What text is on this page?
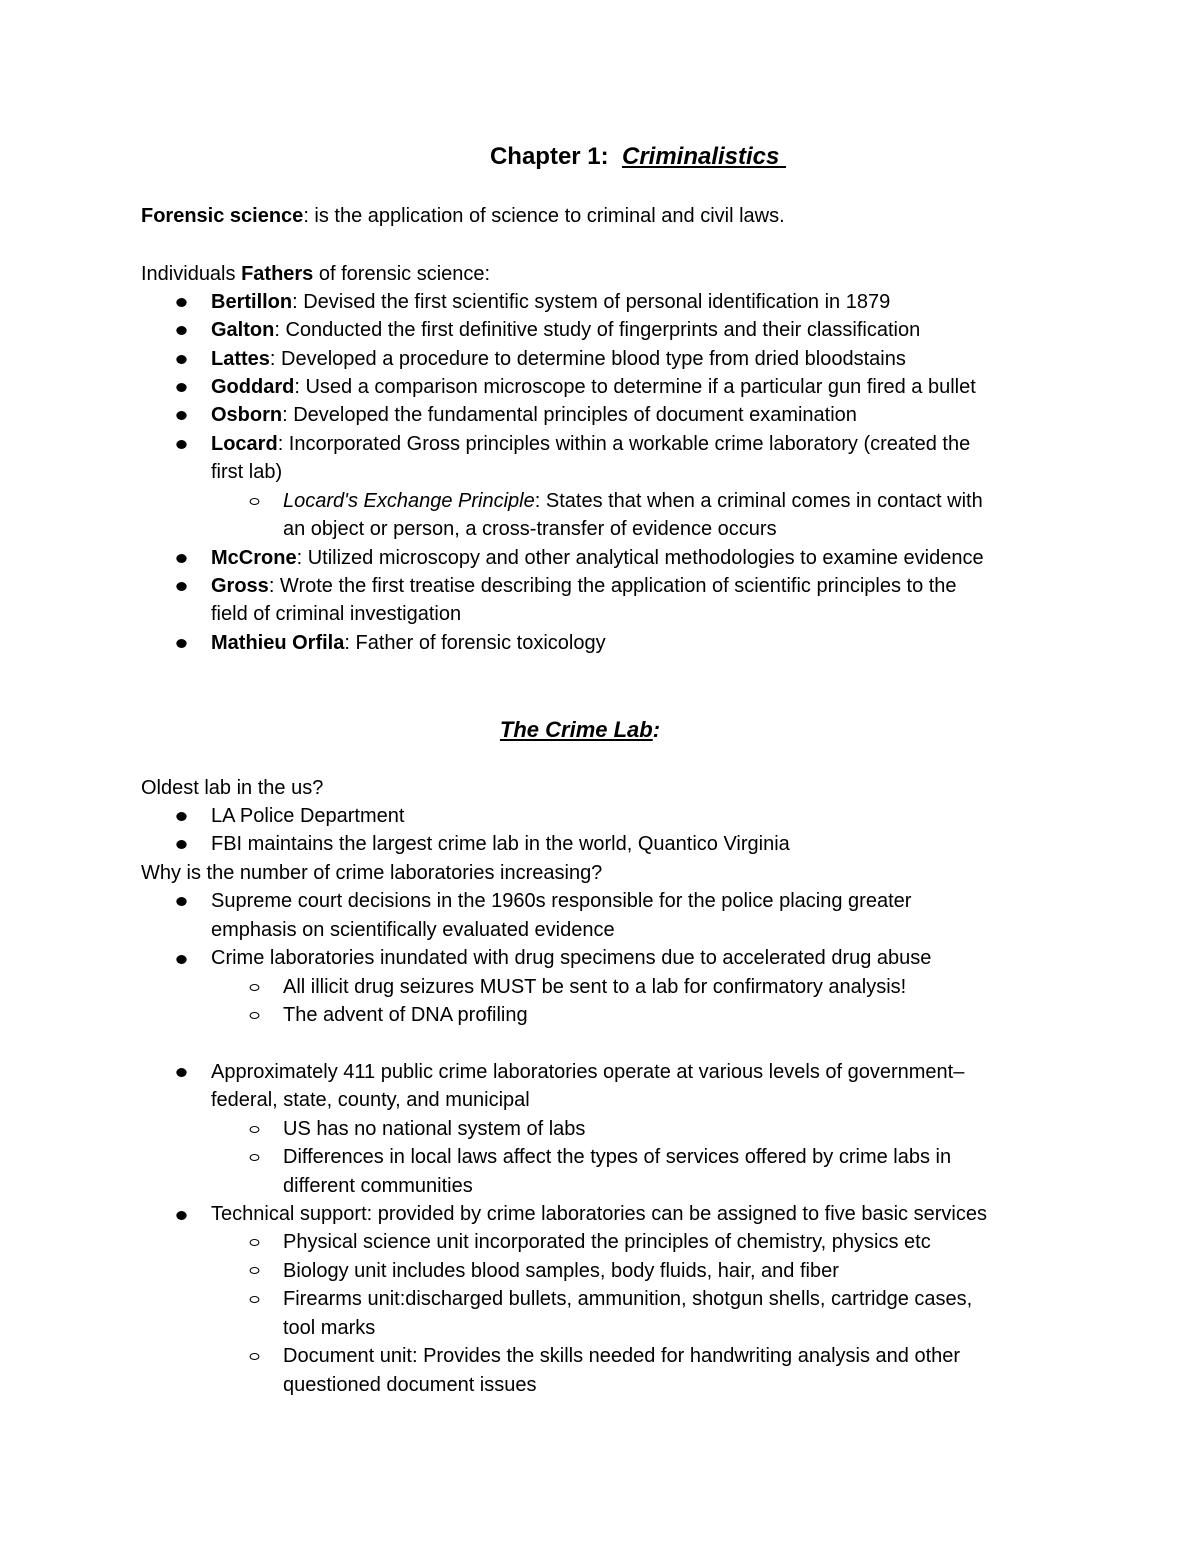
Chapter 1:  Criminalistics
Forensic science: is the application of science to criminal and civil laws.
Individuals Fathers of forensic science:
Bertillon: Devised the first scientific system of personal identification in 1879
Galton: Conducted the first definitive study of fingerprints and their classification
Lattes: Developed a procedure to determine blood type from dried bloodstains
Goddard: Used a comparison microscope to determine if a particular gun fired a bullet
Osborn: Developed the fundamental principles of document examination
Locard: Incorporated Gross principles within a workable crime laboratory (created the
first lab)
Locard's Exchange Principle: States that when a criminal comes in contact with
an object or person, a cross-transfer of evidence occurs
McCrone: Utilized microscopy and other analytical methodologies to examine evidence
Gross: Wrote the first treatise describing the application of scientific principles to the
field of criminal investigation
Mathieu Orfila: Father of forensic toxicology
The Crime Lab:
Oldest lab in the us?
LA Police Department
FBI maintains the largest crime lab in the world, Quantico Virginia
Why is the number of crime laboratories increasing?
Supreme court decisions in the 1960s responsible for the police placing greater
emphasis on scientifically evaluated evidence
Crime laboratories inundated with drug specimens due to accelerated drug abuse
All illicit drug seizures MUST be sent to a lab for confirmatory analysis!
The advent of DNA profiling
Approximately 411 public crime laboratories operate at various levels of government–
federal, state, county, and municipal
US has no national system of labs
Differences in local laws affect the types of services offered by crime labs in
different communities
Technical support: provided by crime laboratories can be assigned to five basic services
Physical science unit incorporated the principles of chemistry, physics etc
Biology unit includes blood samples, body fluids, hair, and fiber
Firearms unit:discharged bullets, ammunition, shotgun shells, cartridge cases,
tool marks
Document unit: Provides the skills needed for handwriting analysis and other
questioned document issues
